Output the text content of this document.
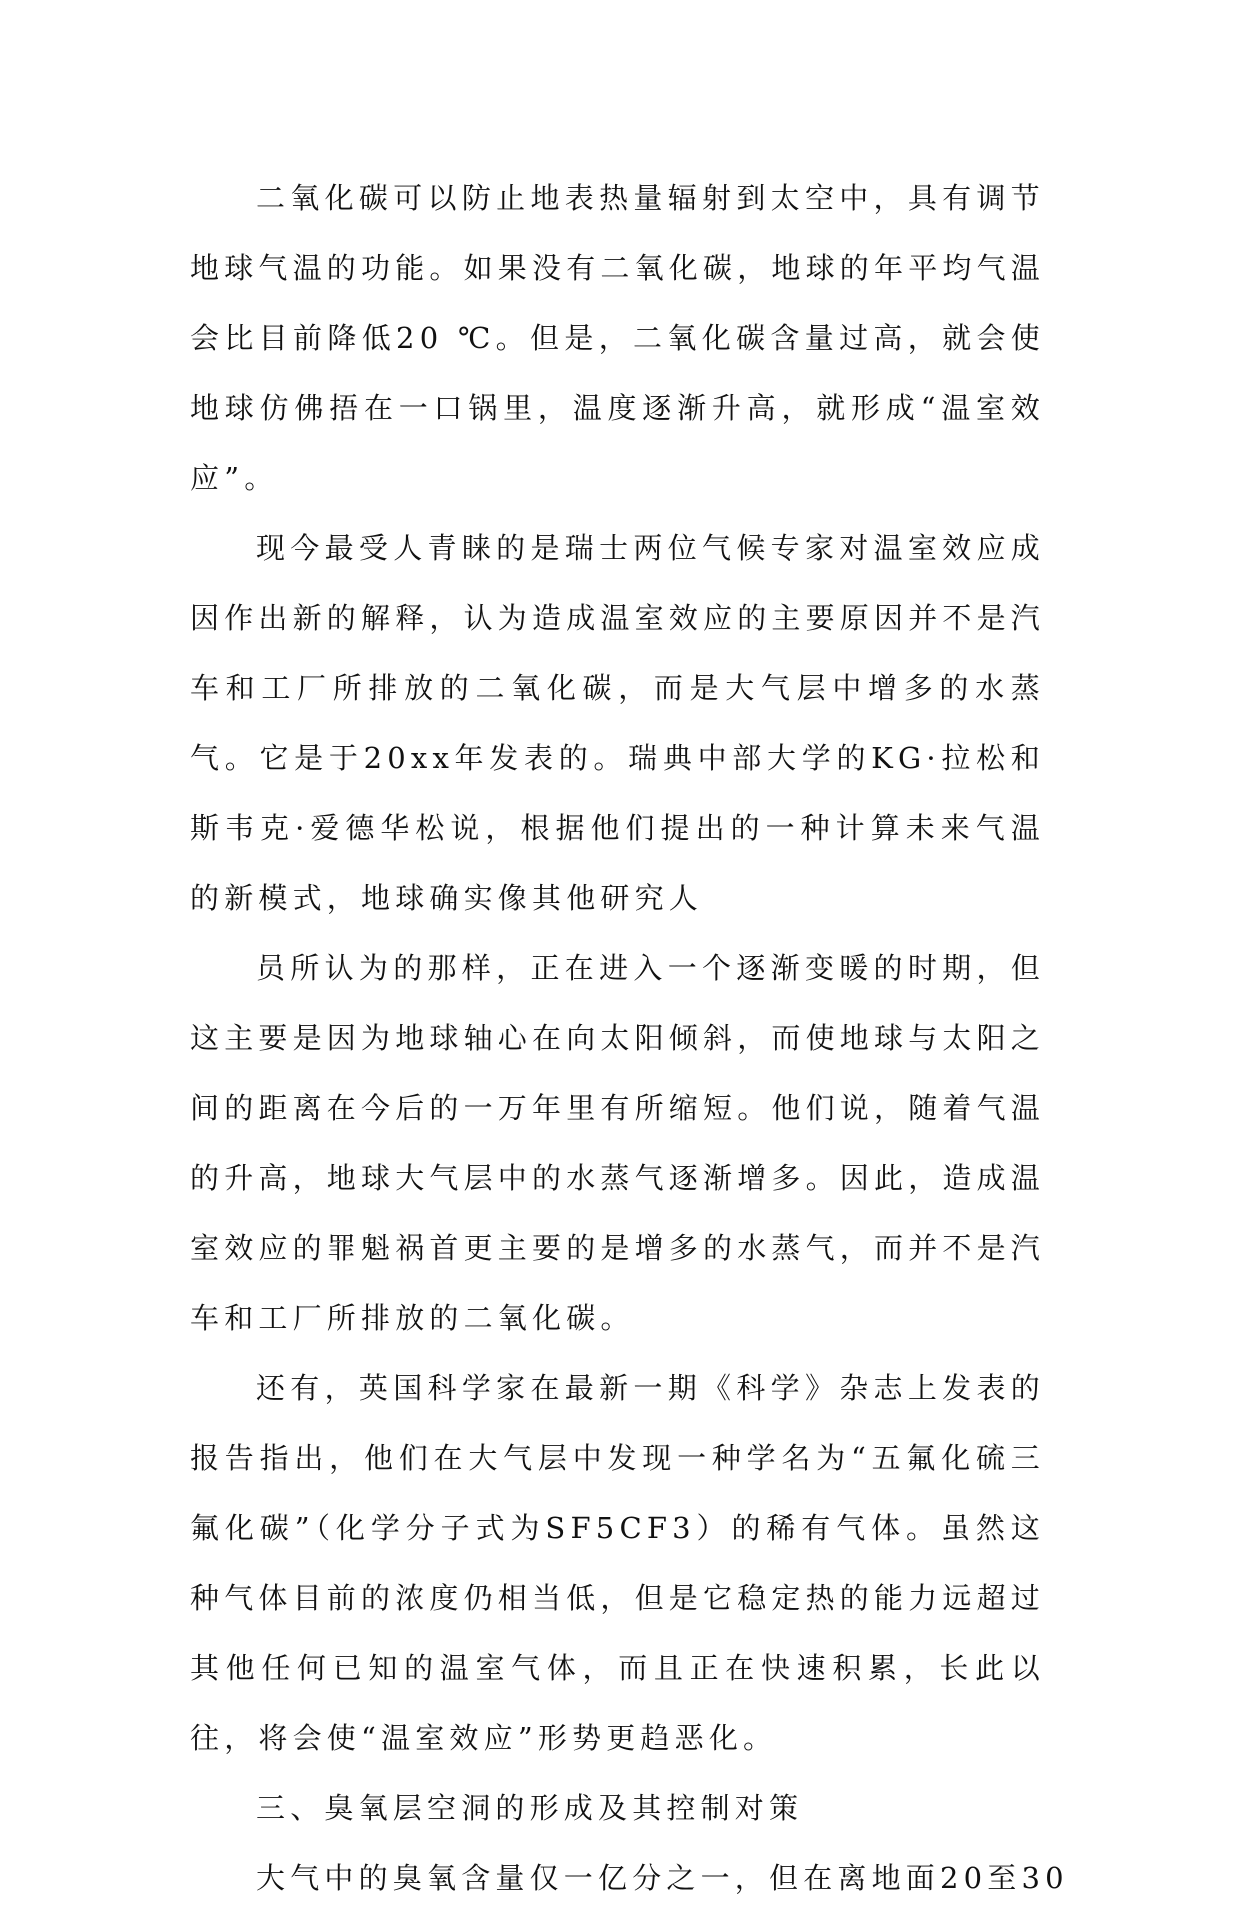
二氧化碳可以防止地表热量辐射到太空中，具有调节地球气温的功能。如果没有二氧化碳，地球的年平均气温会比目前降低20 ℃。但是，二氧化碳含量过高，就会使地球仿佛捂在一口锅里，温度逐渐升高，就形成“温室效应”。

现今最受人青睐的是瑞士两位气候专家对温室效应成因作出新的解释，认为造成温室效应的主要原因并不是汽车和工厂所排放的二氧化碳，而是大气层中增多的水蒸气。它是于20xx年发表的。瑞典中部大学的KG·拉松和斯韦克·爱德华松说，根据他们提出的一种计算未来气温的新模式，地球确实像其他研究人

员所认为的那样，正在进入一个逐渐变暖的时期，但这主要是因为地球轴心在向太阳倾斜，而使地球与太阳之间的距离在今后的一万年里有所缩短。他们说，随着气温的升高，地球大气层中的水蒸气逐渐增多。因此，造成温室效应的罪魁祸首更主要的是增多的水蒸气，而并不是汽车和工厂所排放的二氧化碳。

还有，英国科学家在最新一期《科学》杂志上发表的报告指出，他们在大气层中发现一种学名为“五氟化硫三氟化碳”（化学分子式为SF5CF3）的稀有气体。虽然这种气体目前的浓度仍相当低，但是它稳定热的能力远超过其他任何已知的温室气体，而且正在快速积累，长此以往，将会使“温室效应”形势更趋恶化。

三、臭氧层空洞的形成及其控制对策

大气中的臭氧含量仅一亿分之一，但在离地面20至30
